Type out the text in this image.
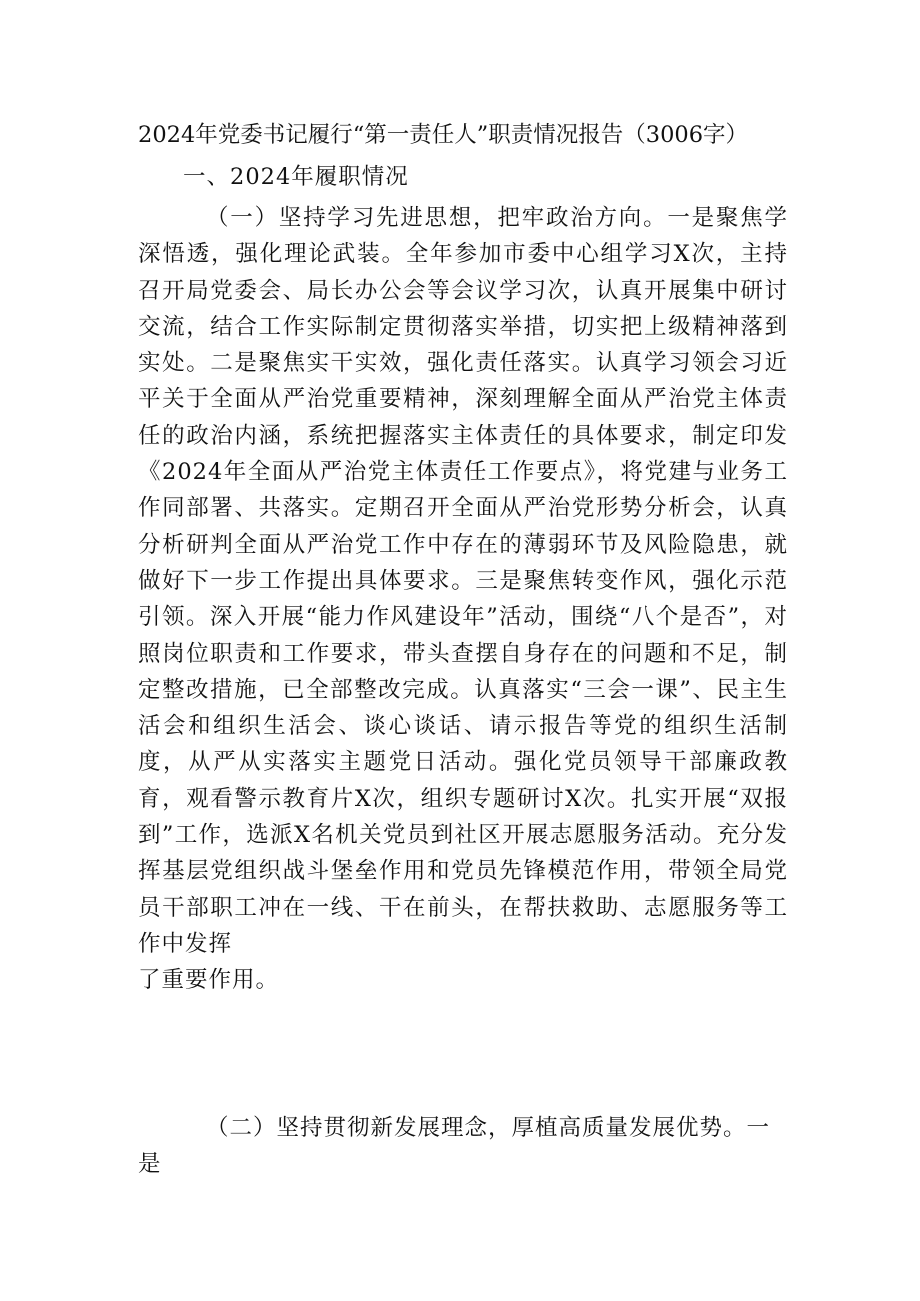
2024年党委书记履行“第一责任人”职责情况报告（3006字）
一、2024年履职情况
（一）坚持学习先进思想，把牢政治方向。一是聚焦学深悟透，强化理论武装。全年参加市委中心组学习X次，主持召开局党委会、局长办公会等会议学习次，认真开展集中研讨交流，结合工作实际制定贯彻落实举措，切实把上级精神落到实处。二是聚焦实干实效，强化责任落实。认真学习领会习近平关于全面从严治党重要精神，深刻理解全面从严治党主体责任的政治内涵，系统把握落实主体责任的具体要求，制定印发《2024年全面从严治党主体责任工作要点》，将党建与业务工作同部署、共落实。定期召开全面从严治党形势分析会，认真分析研判全面从严治党工作中存在的薄弱环节及风险隐患，就做好下一步工作提出具体要求。三是聚焦转变作风，强化示范引领。深入开展“能力作风建设年”活动，围绕“八个是否”，对照岗位职责和工作要求，带头查摆自身存在的问题和不足，制定整改措施，已全部整改完成。认真落实“三会一课”、民主生活会和组织生活会、谈心谈话、请示报告等党的组织生活制度，从严从实落实主题党日活动。强化党员领导干部廉政教育，观看警示教育片X次，组织专题研讨X次。扎实开展“双报到”工作，选派X名机关党员到社区开展志愿服务活动。充分发挥基层党组织战斗堡垒作用和党员先锋模范作用，带领全局党员干部职工冲在一线、干在前头，在帮扶救助、志愿服务等工作中发挥
了重要作用。
（二）坚持贯彻新发展理念，厚植高质量发展优势。一是
